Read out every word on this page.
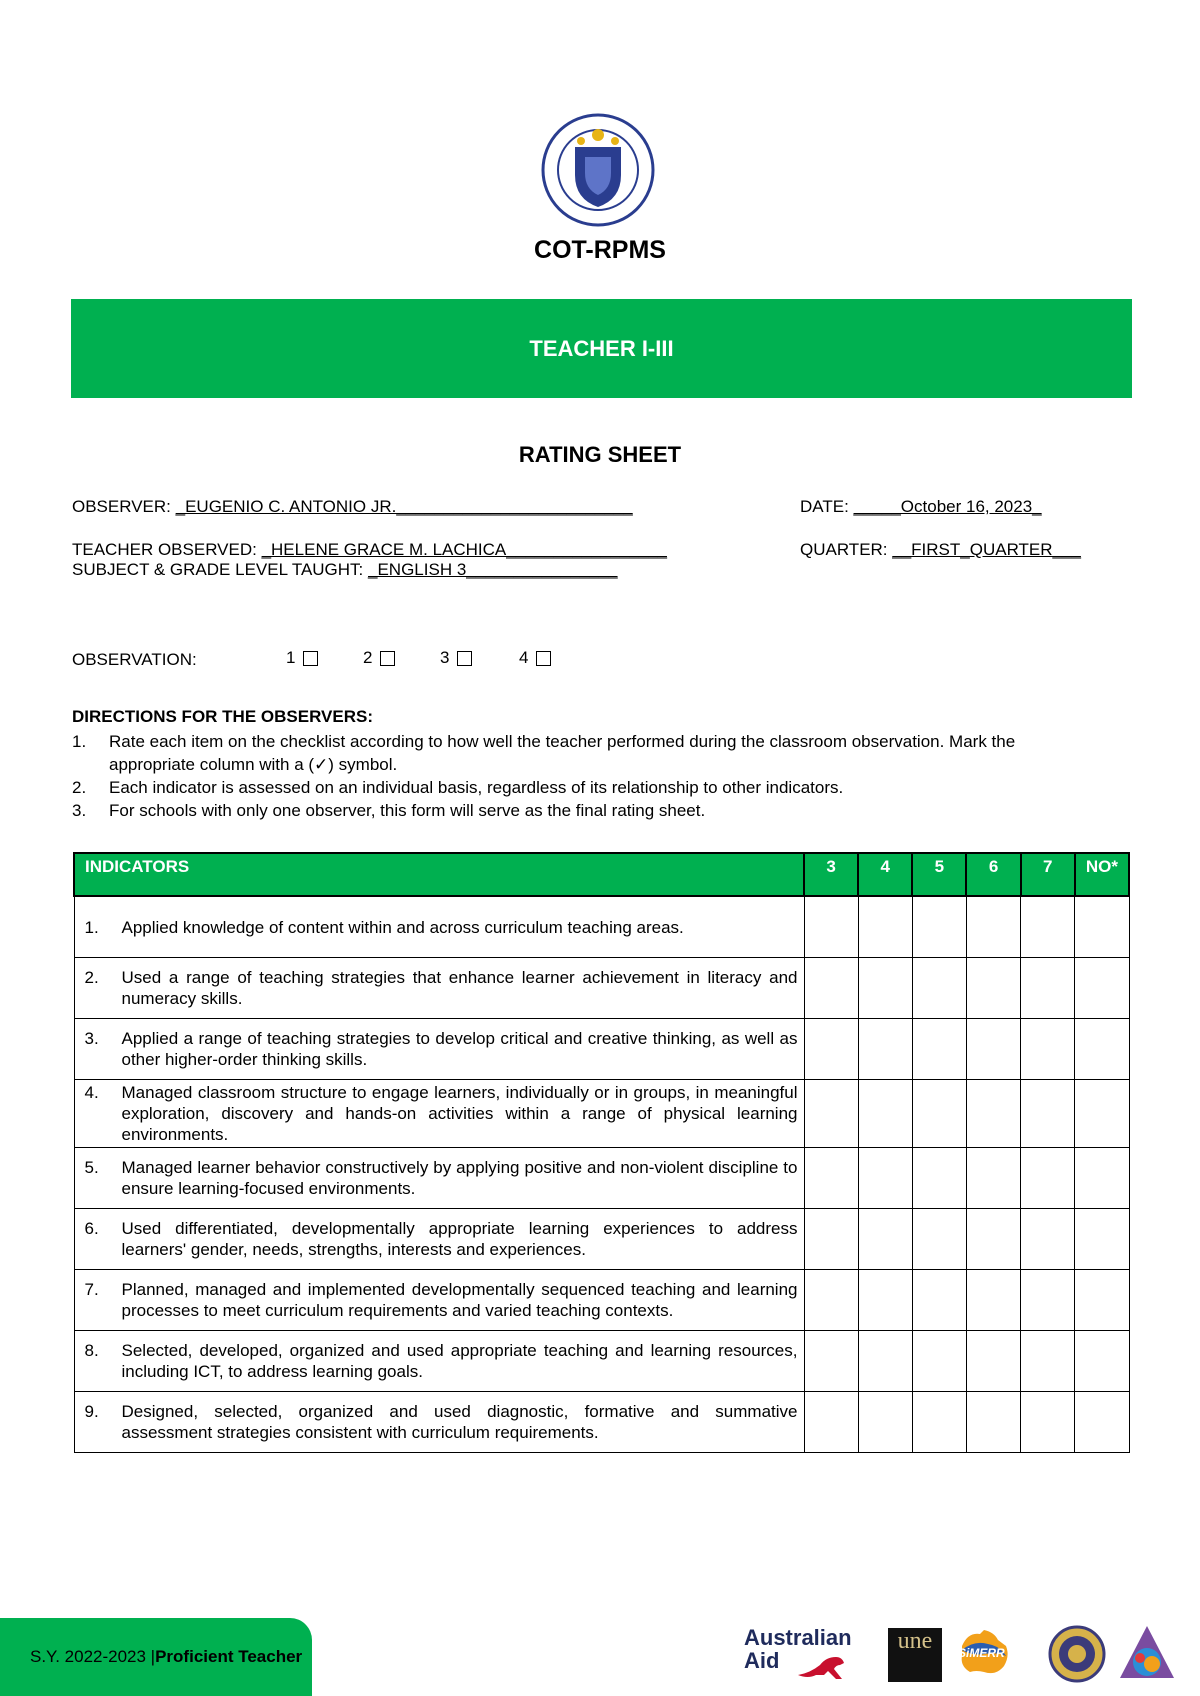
COT-RPMS
TEACHER I-III
RATING SHEET
OBSERVER: _EUGENIO C. ANTONIO JR._________________________	DATE: _____October 16, 2023_
TEACHER OBSERVED: _HELENE GRACE M. LACHICA_________________	QUARTER: __FIRST_QUARTER___
SUBJECT & GRADE LEVEL TAUGHT: _ENGLISH 3________________
OBSERVATION:	1	2	3	4
DIRECTIONS FOR THE OBSERVERS:
1.	Rate each item on the checklist according to how well the teacher performed during the classroom observation. Mark the appropriate column with a (✓) symbol.
2.	Each indicator is assessed on an individual basis, regardless of its relationship to other indicators.
3.	For schools with only one observer, this form will serve as the final rating sheet.
INDICATORS	3	4	5	6	7	NO*

1. Applied knowledge of content within and across curriculum teaching areas.						

2. Used a range of teaching strategies that enhance learner achievement in literacy and numeracy skills.						

3. Applied a range of teaching strategies to develop critical and creative thinking, as well as other higher-order thinking skills.						

4. Managed classroom structure to engage learners, individually or in groups, in meaningful exploration, discovery and hands-on activities within a range of physical learning environments.						

5. Managed learner behavior constructively by applying positive and non-violent discipline to ensure learning-focused environments.						

6. Used differentiated, developmentally appropriate learning experiences to address learners' gender, needs, strengths, interests and experiences.						

7. Planned, managed and implemented developmentally sequenced teaching and learning processes to meet curriculum requirements and varied teaching contexts.						

8. Selected, developed, organized and used appropriate teaching and learning resources, including ICT, to address learning goals.						

9. Designed, selected, organized and used diagnostic, formative and summative assessment strategies consistent with curriculum requirements.						

S.Y. 2022-2023 | Proficient Teacher
Australian
Aid
une SiMERR
